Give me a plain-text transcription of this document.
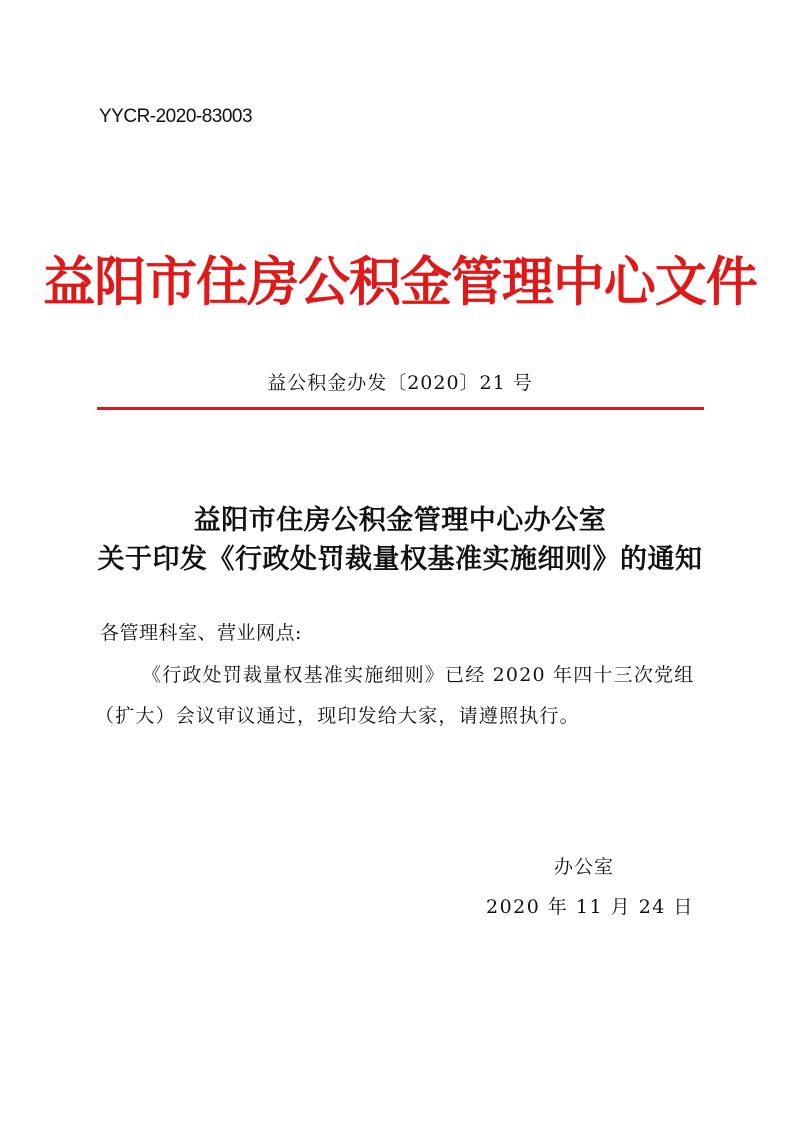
YYCR-2020-83003
益阳市住房公积金管理中心文件
益公积金办发〔2020〕21 号
益阳市住房公积金管理中心办公室
关于印发《行政处罚裁量权基准实施细则》的通知
各管理科室、营业网点:
《行政处罚裁量权基准实施细则》已经 2020 年四十三次党组
（扩大）会议审议通过，现印发给大家，请遵照执行。
办公室
2020 年 11 月 24 日
